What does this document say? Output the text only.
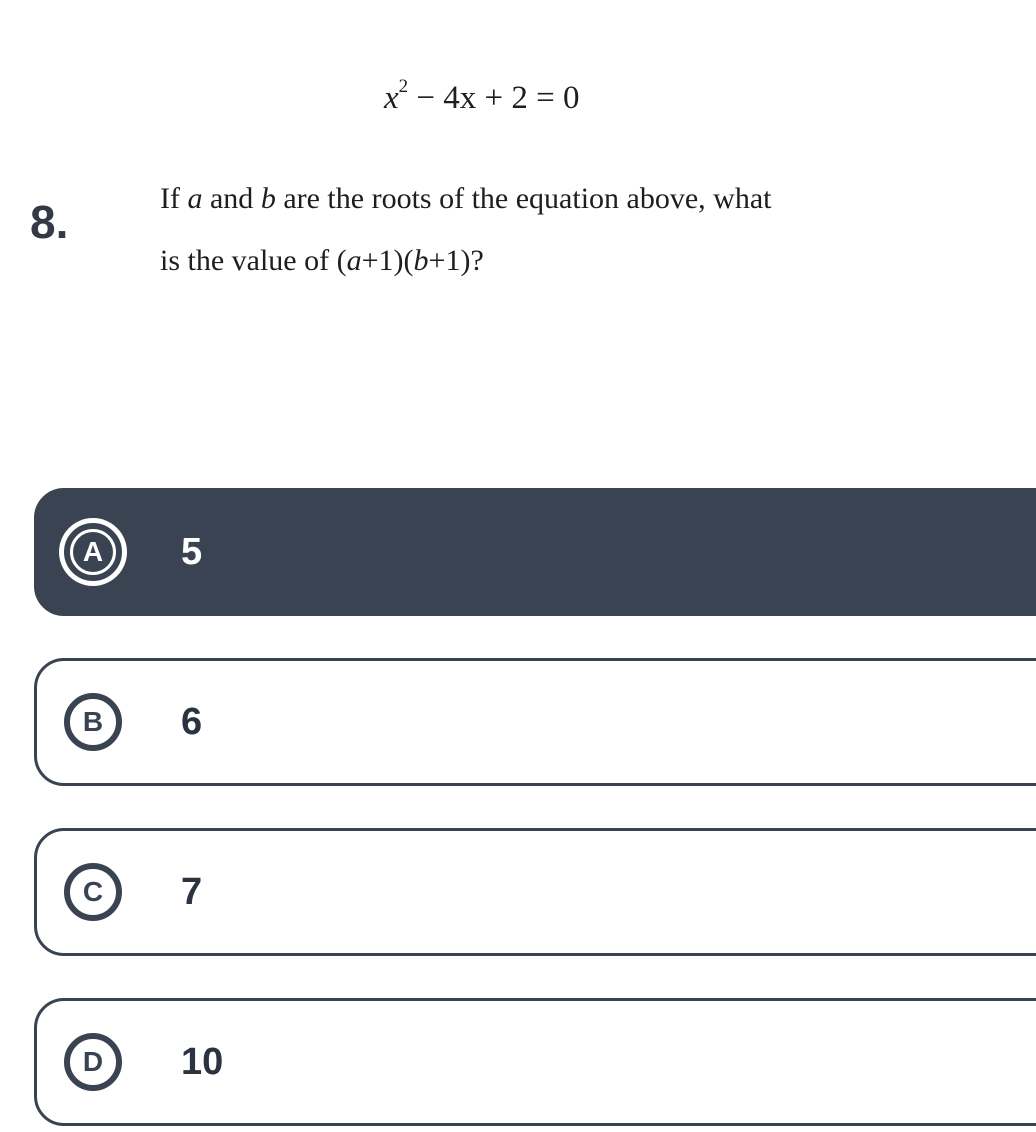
$x^2 - 4x + 2 = 0$
8.	If a and b are the roots of the equation above, what
is the value of (a+1)(b+1)?
A 5
B	6
C	7
D	10
